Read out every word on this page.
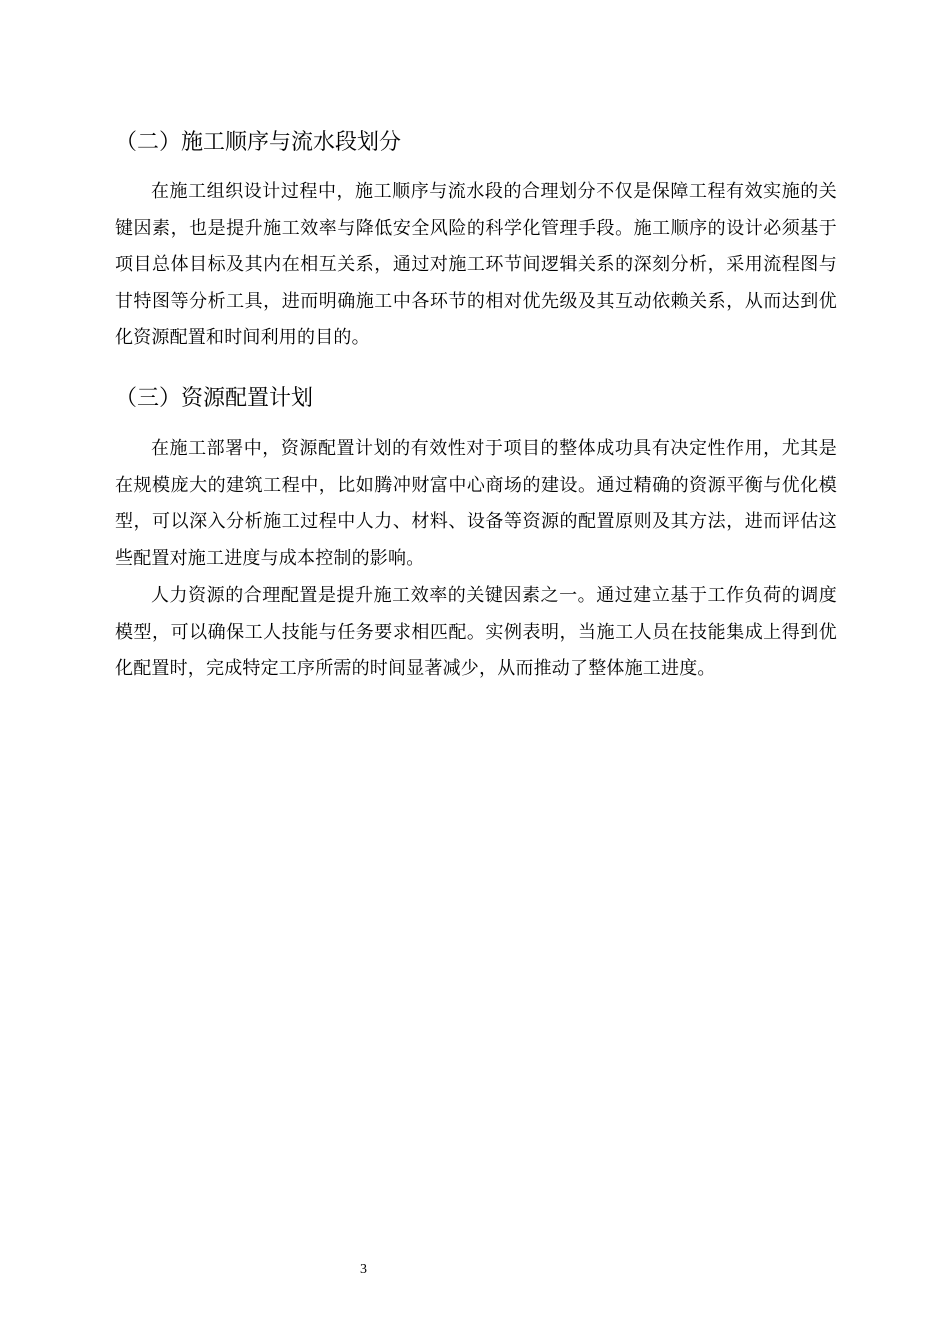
（二）施工顺序与流水段划分

在施工组织设计过程中，施工顺序与流水段的合理划分不仅是保障工程有效实施的关键因素，也是提升施工效率与降低安全风险的科学化管理手段。施工顺序的设计必须基于项目总体目标及其内在相互关系，通过对施工环节间逻辑关系的深刻分析，采用流程图与甘特图等分析工具，进而明确施工中各环节的相对优先级及其互动依赖关系，从而达到优化资源配置和时间利用的目的。

（三）资源配置计划

在施工部署中，资源配置计划的有效性对于项目的整体成功具有决定性作用，尤其是在规模庞大的建筑工程中，比如腾冲财富中心商场的建设。通过精确的资源平衡与优化模型，可以深入分析施工过程中人力、材料、设备等资源的配置原则及其方法，进而评估这些配置对施工进度与成本控制的影响。

人力资源的合理配置是提升施工效率的关键因素之一。通过建立基于工作负荷的调度模型，可以确保工人技能与任务要求相匹配。实例表明，当施工人员在技能集成上得到优化配置时，完成特定工序所需的时间显著减少，从而推动了整体施工进度。

3
